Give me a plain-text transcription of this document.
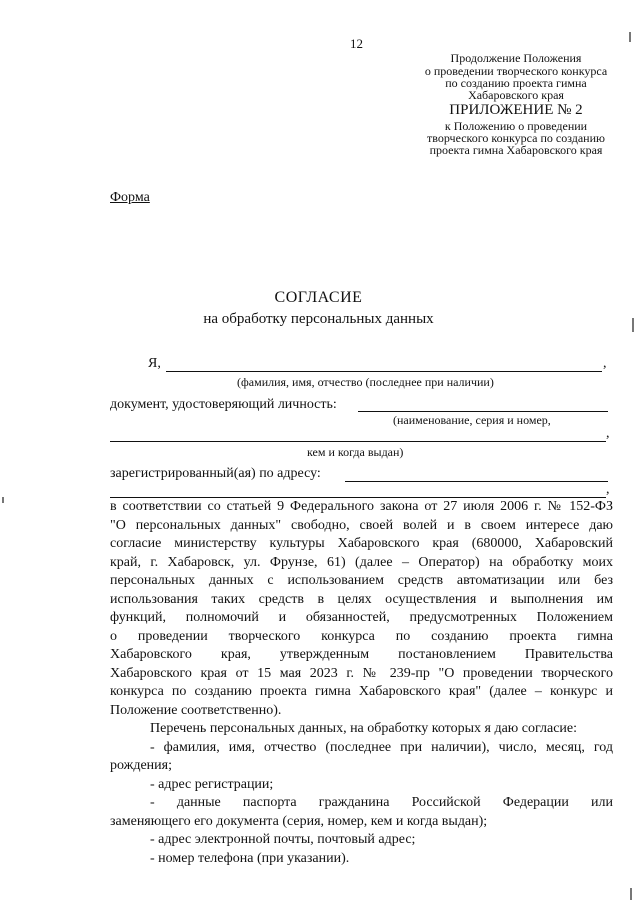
12
Продолжение Положения
о проведении творческого конкурса
по созданию проекта гимна
Хабаровского края
ПРИЛОЖЕНИЕ № 2
к Положению о проведении
творческого конкурса по созданию
проекта гимна Хабаровского края
Форма
СОГЛАСИЕ
на обработку персональных данных
Я,	,
(фамилия, имя, отчество (последнее при наличии)
документ, удостоверяющий личность:
(наименование, серия и номер,
,
кем и когда выдан)
зарегистрированный(ая) по адресу:
,
в соответствии со статьей 9 Федерального закона от 27 июля 2006 г. № 152-ФЗ
"О персональных данных" свободно, своей волей и в своем интересе даю
согласие министерству культуры Хабаровского края (680000, Хабаровский
край, г. Хабаровск, ул. Фрунзе, 61) (далее – Оператор) на обработку моих
персональных данных с использованием средств автоматизации или без
использования таких средств в целях осуществления и выполнения им
функций, полномочий и обязанностей, предусмотренных Положением
о проведении творческого конкурса по созданию проекта гимна
Хабаровского края, утвержденным постановлением Правительства
Хабаровского края от 15 мая 2023 г. № 239-пр "О проведении творческого
конкурса по созданию проекта гимна Хабаровского края" (далее – конкурс и
Положение соответственно).
Перечень персональных данных, на обработку которых я даю согласие:
- фамилия, имя, отчество (последнее при наличии), число, месяц, год
рождения;
- адрес регистрации;
- данные паспорта гражданина Российской Федерации или
заменяющего его документа (серия, номер, кем и когда выдан);
- адрес электронной почты, почтовый адрес;
- номер телефона (при указании).
